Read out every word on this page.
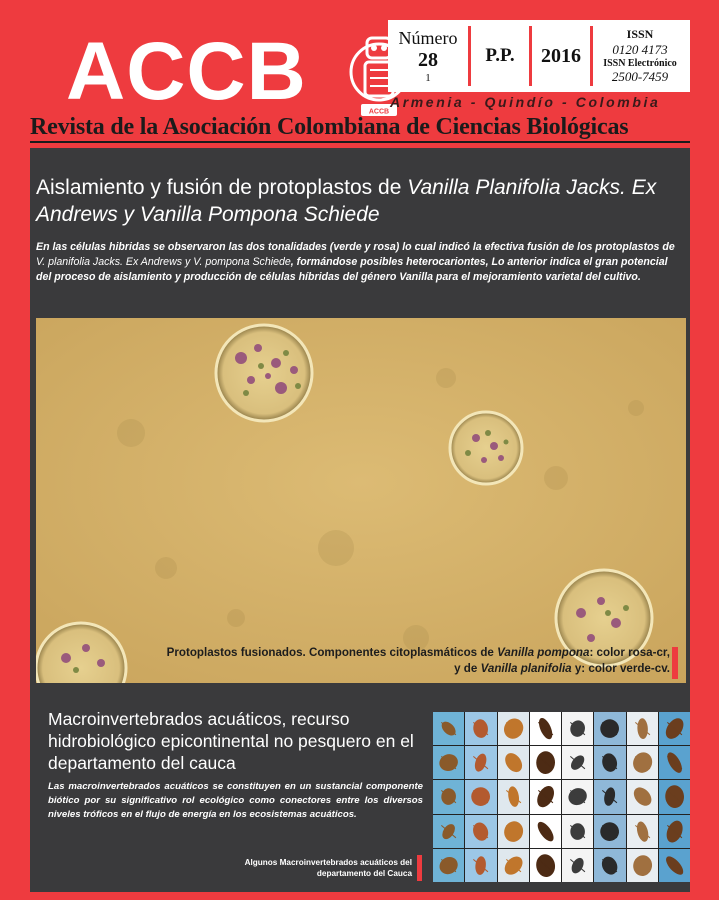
ACCB	ACCB
Número
28
1
P.P. 2016
ISSN
0120 4173
ISSN Electrónico
2500-7459
Armenia - Quindío - Colombia
Revista de la Asociación Colombiana de Ciencias Biológicas
Aislamiento y fusión de protoplastos de Vanilla Planifolia Jacks. Ex Andrews y Vanilla Pompona Schiede
En las células hibridas se observaron las dos tonalidades (verde y rosa) lo cual indicó la efectiva fusión de los protoplastos de V. planifolia Jacks. Ex Andrews y V. pompona Schiede, formándose posibles heterocariontes, Lo anterior indica el gran potencial del proceso de aislamiento y producción de células híbridas del género Vanilla para el mejoramiento varietal del cultivo.
Protoplastos fusionados. Componentes citoplasmáticos de Vanilla pompona: color rosa-cr,
y de Vanilla planifolia y: color verde-cv.
Macroinvertebrados acuáticos, recurso hidrobiológico epicontinental no pesquero en el departamento del cauca
Las macroinvertebrados acuáticos se constituyen en un sustancial componente biótico por su significativo rol ecológico como conectores entre los diversos niveles tróficos en el flujo de energía en los ecosistemas acuáticos.
Algunos Macroinvertebrados acuáticos del departamento del Cauca
